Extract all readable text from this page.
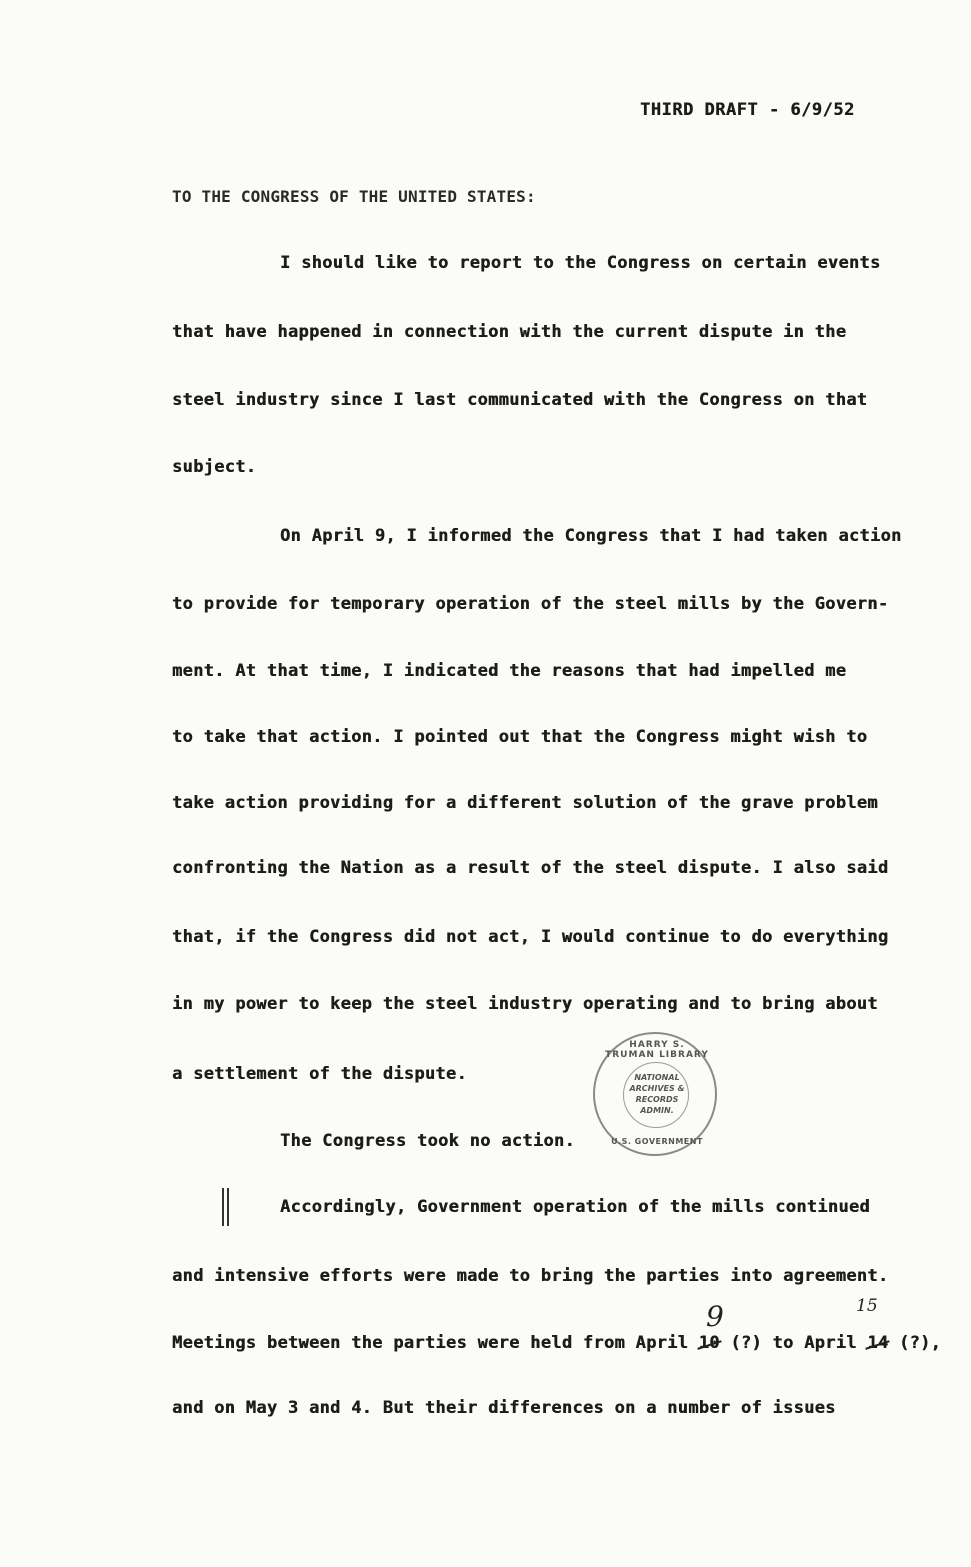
THIRD DRAFT - 6/9/52
TO THE CONGRESS OF THE UNITED STATES:
I should like to report to the Congress on certain events
that have happened in connection with the current dispute in the
steel industry since I last communicated with the Congress on that
subject.
On April 9, I informed the Congress that I had taken action
to provide for temporary operation of the steel mills by the Govern-
ment. At that time, I indicated the reasons that had impelled me
to take that action. I pointed out that the Congress might wish to
take action providing for a different solution of the grave problem
confronting the Nation as a result of the steel dispute. I also said
that, if the Congress did not act, I would continue to do everything
in my power to keep the steel industry operating and to bring about
a settlement of the dispute.
The Congress took no action.
Accordingly, Government operation of the mills continued
and intensive efforts were made to bring the parties into agreement.
Meetings between the parties were held from April 10 (?) to April 14 (?),
9	15
and on May 3 and 4. But their differences on a number of issues
HARRY S. TRUMAN LIBRARY
NATIONAL
ARCHIVES &
RECORDS
ADMIN.
U.S. GOVERNMENT
